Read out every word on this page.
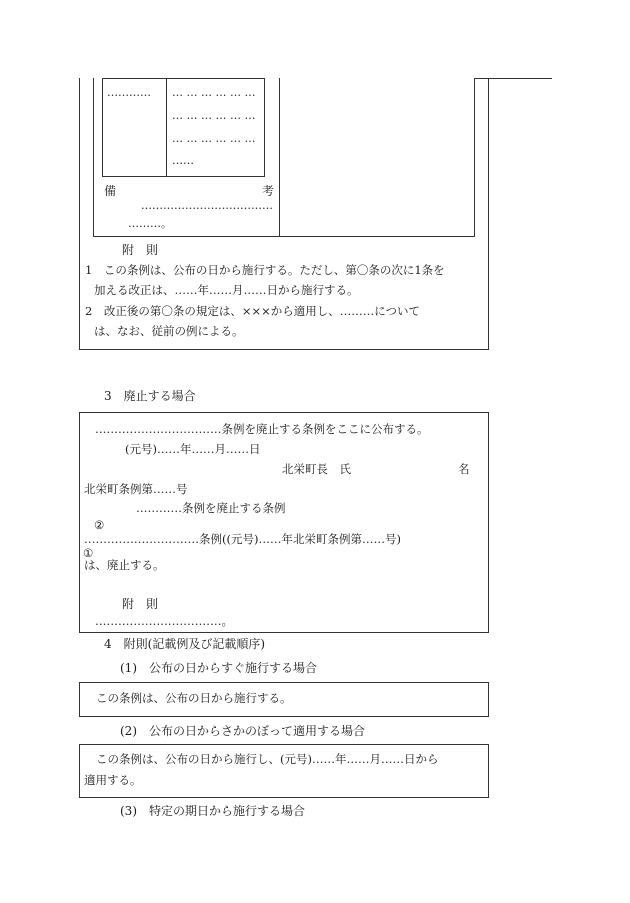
………… … … … … … …
… … … … … …
… … … … … …
……
備	考
………………………………
………。
附　則
1　この条例は、公布の日から施行する。ただし、第〇条の次に1条を
加える改正は、……年……月……日から施行する。
2　改正後の第〇条の規定は、×××から適用し、………について
は、なお、従前の例による。
3　廃止する場合
……………………………条例を廃止する条例をここに公布する。
(元号)……年……月……日
北栄町長　氏	名
北栄町条例第……号
…………条例を廃止する条例
②
…………………………条例((元号)……年北栄町条例第……号)
①
は、廃止する。
附　則
……………………………。
4　附則(記載例及び記載順序)
(1)　公布の日からすぐ施行する場合
この条例は、公布の日から施行する。
(2)　公布の日からさかのぼって適用する場合
この条例は、公布の日から施行し、(元号)……年……月……日から
適用する。
(3)　特定の期日から施行する場合
